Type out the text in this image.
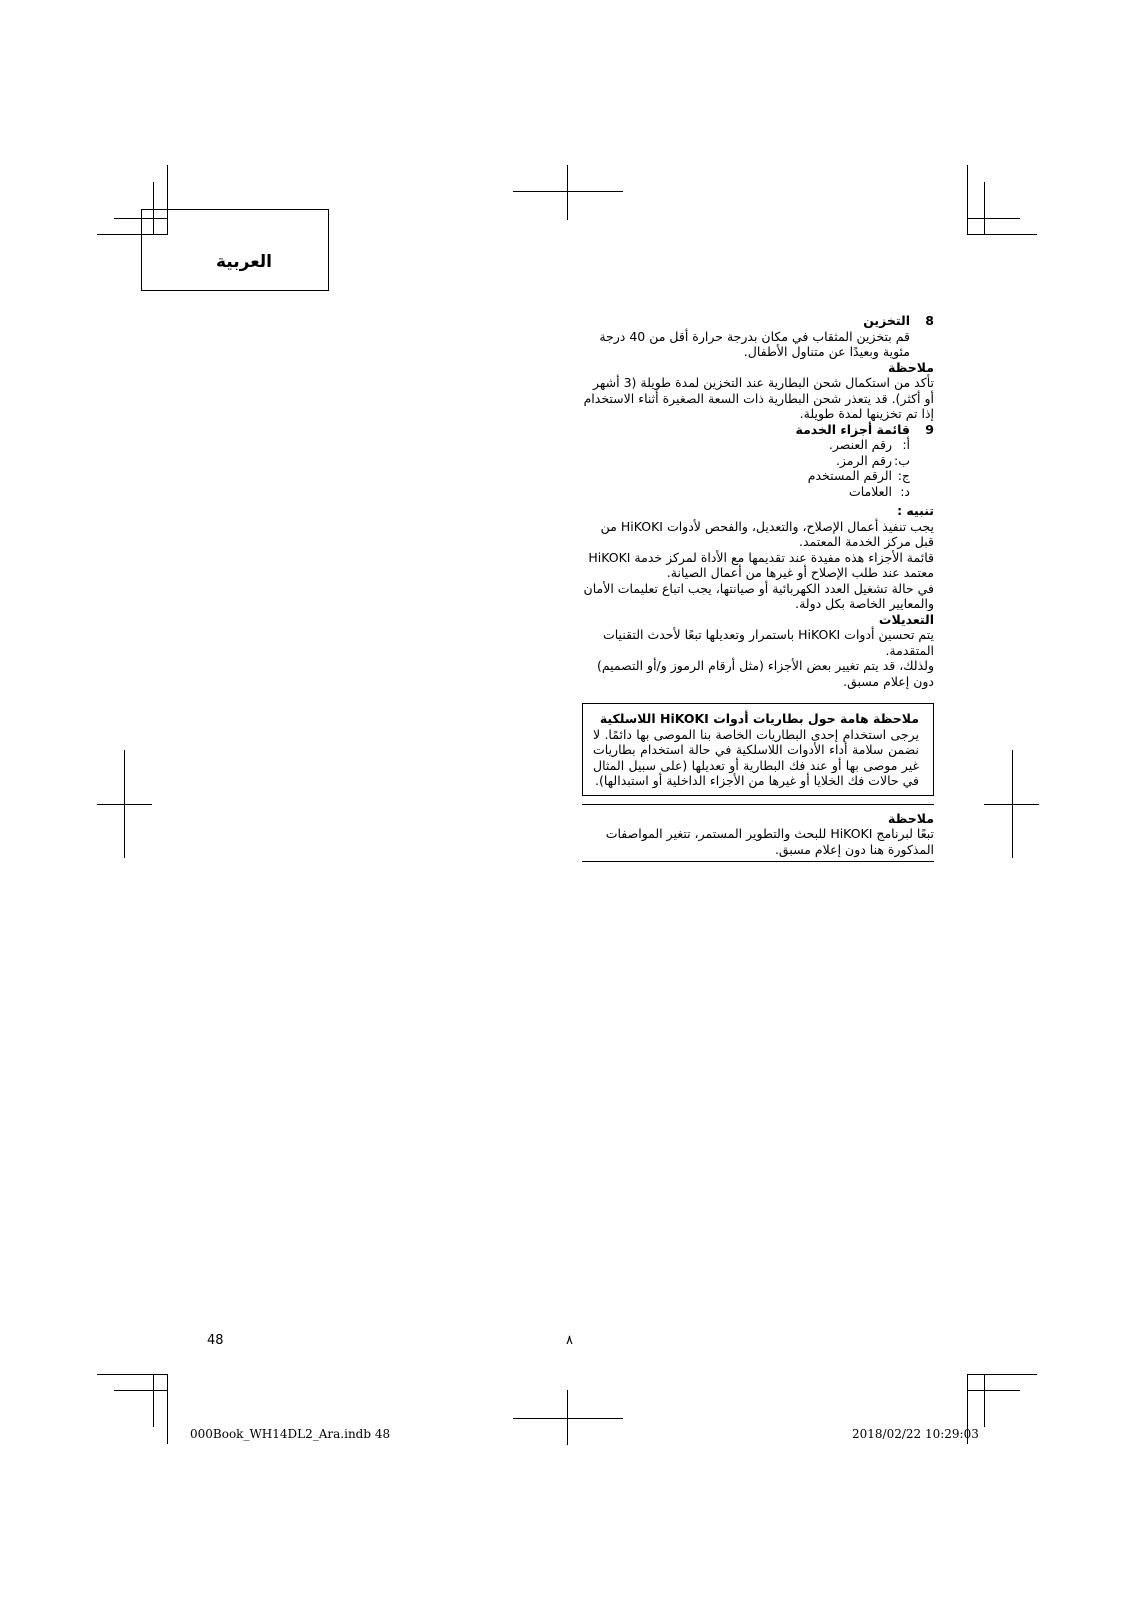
العربية
8
التخزين
قم بتخزين المثقاب في مكان بدرجة حرارة أقل من 40 درجة مئوية وبعيدًا عن متناول الأطفال.
ملاحظة
تأكد من استكمال شحن البطارية عند التخزين لمدة طويلة (3 أشهر أو أكثر). قد يتعذر شحن البطارية ذات السعة الصغيرة أثناء الاستخدام إذا تم تخزينها لمدة طويلة.
9
قائمة أجزاء الخدمة
أ:
رقم العنصر.
ب:
رقم الرمز.
ج:
الرقم المستخدم
د:
العلامات
تنبيه :
يجب تنفيذ أعمال الإصلاح، والتعديل، والفحص لأدوات HiKOKI من قبل مركز الخدمة المعتمد.
قائمة الأجزاء هذه مفيدة عند تقديمها مع الأداة لمركز خدمة HiKOKI معتمد عند طلب الإصلاح أو غيرها من أعمال الصيانة.
في حالة تشغيل العدد الكهربائية أو صيانتها، يجب اتباع تعليمات الأمان والمعايير الخاصة بكل دولة.
التعديلات
يتم تحسين أدوات HiKOKI باستمرار وتعديلها تبعًا لأحدث التقنيات المتقدمة.
ولذلك، قد يتم تغيير بعض الأجزاء (مثل أرقام الرموز و/أو التصميم) دون إعلام مسبق.
ملاحظة هامة حول بطاريات أدوات HiKOKI اللاسلكية
يرجى استخدام إحدى البطاريات الخاصة بنا الموصى بها دائمًا. لا نضمن سلامة أداء الأدوات اللاسلكية في حالة استخدام بطاريات غير موصى بها أو عند فك البطارية أو تعديلها (على سبيل المثال في حالات فك الخلايا أو غيرها من الأجزاء الداخلية أو استبدالها).
ملاحظة
تبعًا لبرنامج HiKOKI للبحث والتطوير المستمر، تتغير المواصفات المذكورة هنا دون إعلام مسبق.
48	٨
000Book_WH14DL2_Ara.indb 48	2018/02/22 10:29:03
